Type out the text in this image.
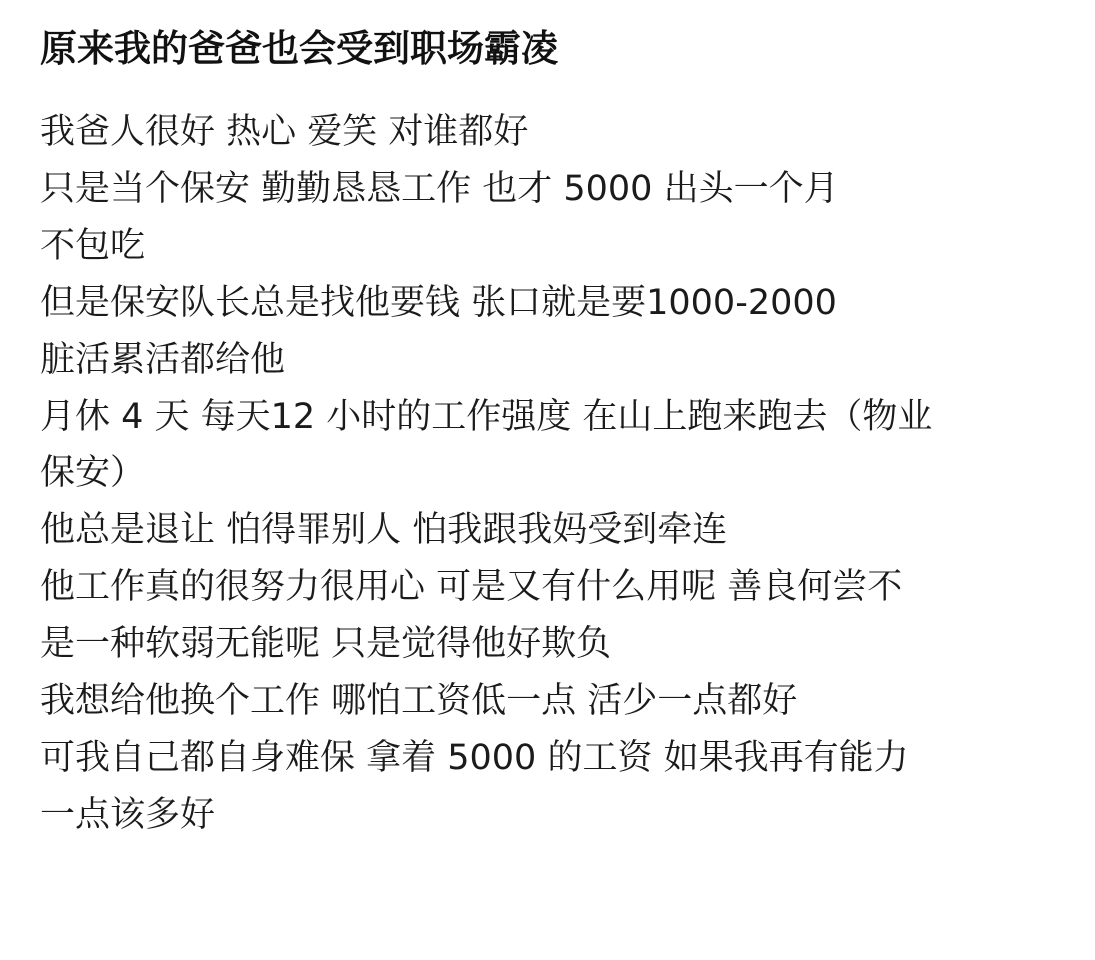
原来我的爸爸也会受到职场霸凌
我爸人很好 热心 爱笑 对谁都好
只是当个保安 勤勤恳恳工作 也才 5000 出头一个月
不包吃
但是保安队长总是找他要钱 张口就是要1000-2000
脏活累活都给他
月休 4 天 每天12 小时的工作强度 在山上跑来跑去（物业
保安）
他总是退让 怕得罪别人 怕我跟我妈受到牵连
他工作真的很努力很用心 可是又有什么用呢 善良何尝不
是一种软弱无能呢 只是觉得他好欺负
我想给他换个工作 哪怕工资低一点 活少一点都好
可我自己都自身难保 拿着 5000 的工资 如果我再有能力
一点该多好
